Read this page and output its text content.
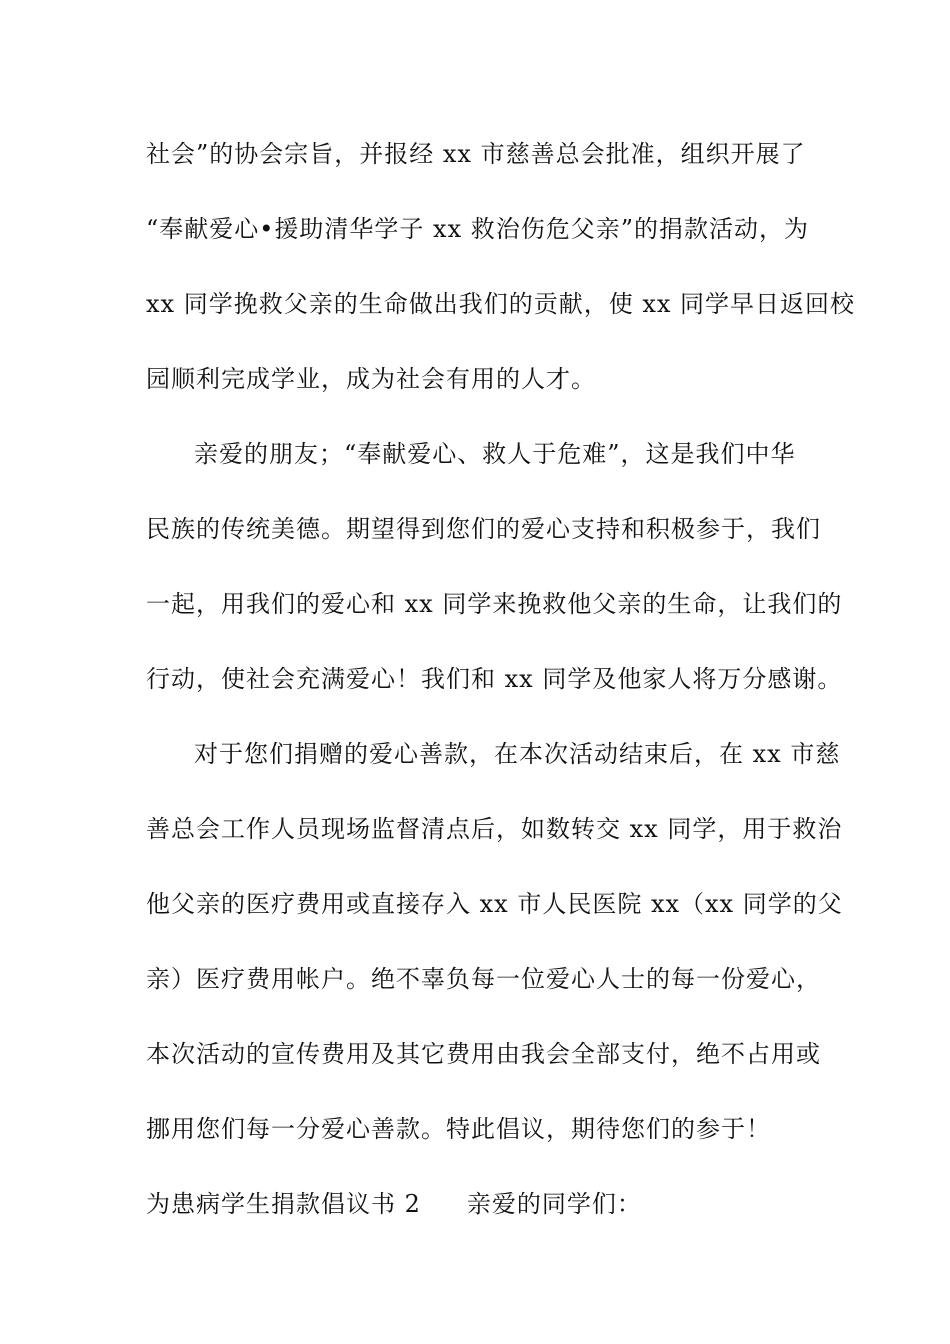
社会”的协会宗旨，并报经 xx 市慈善总会批准，组织开展了
“奉献爱心•援助清华学子 xx 救治伤危父亲”的捐款活动，为
xx 同学挽救父亲的生命做出我们的贡献，使 xx 同学早日返回校
园顺利完成学业，成为社会有用的人才。
亲爱的朋友；“奉献爱心、救人于危难”，这是我们中华
民族的传统美德。期望得到您们的爱心支持和积极参于，我们
一起，用我们的爱心和 xx 同学来挽救他父亲的生命，让我们的
行动，使社会充满爱心！我们和 xx 同学及他家人将万分感谢。
对于您们捐赠的爱心善款，在本次活动结束后，在 xx 市慈
善总会工作人员现场监督清点后，如数转交 xx 同学，用于救治
他父亲的医疗费用或直接存入 xx 市人民医院 xx（xx 同学的父
亲）医疗费用帐户。绝不辜负每一位爱心人士的每一份爱心，
本次活动的宣传费用及其它费用由我会全部支付，绝不占用或
挪用您们每一分爱心善款。特此倡议，期待您们的参于！
为患病学生捐款倡议书 2 亲爱的同学们：
